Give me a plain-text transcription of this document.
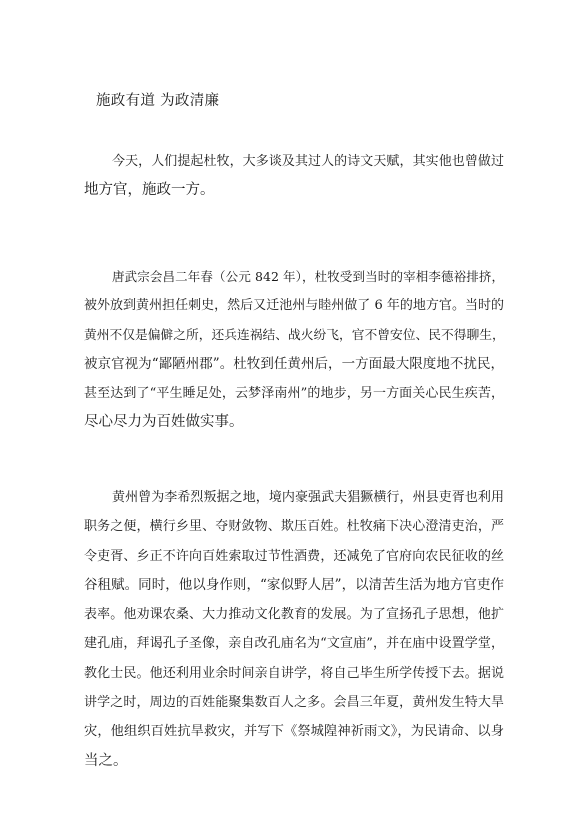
施政有道 为政清廉
今天，人们提起杜牧，大多谈及其过人的诗文天赋，其实他也曾做过
地方官，施政一方。
唐武宗会昌二年春（公元 842 年），杜牧受到当时的宰相李德裕排挤，
被外放到黄州担任刺史，然后又迁池州与睦州做了 6 年的地方官。当时的
黄州不仅是偏僻之所，还兵连祸结、战火纷飞，官不曾安位、民不得聊生，
被京官视为“鄙陋州郡”。杜牧到任黄州后，一方面最大限度地不扰民，
甚至达到了“平生睡足处，云梦泽南州”的地步，另一方面关心民生疾苦，
尽心尽力为百姓做实事。
黄州曾为李希烈叛据之地，境内豪强武夫猖獗横行，州县吏胥也利用
职务之便，横行乡里、夺财敛物、欺压百姓。杜牧痛下决心澄清吏治，严
令吏胥、乡正不许向百姓索取过节性酒费，还减免了官府向农民征收的丝
谷租赋。同时，他以身作则，“家似野人居”，以清苦生活为地方官吏作
表率。他劝课农桑、大力推动文化教育的发展。为了宣扬孔子思想，他扩
建孔庙，拜谒孔子圣像，亲自改孔庙名为“文宣庙”，并在庙中设置学堂，
教化士民。他还利用业余时间亲自讲学，将自己毕生所学传授下去。据说
讲学之时，周边的百姓能聚集数百人之多。会昌三年夏，黄州发生特大旱
灾，他组织百姓抗旱救灾，并写下《祭城隍神祈雨文》，为民请命、以身
当之。
